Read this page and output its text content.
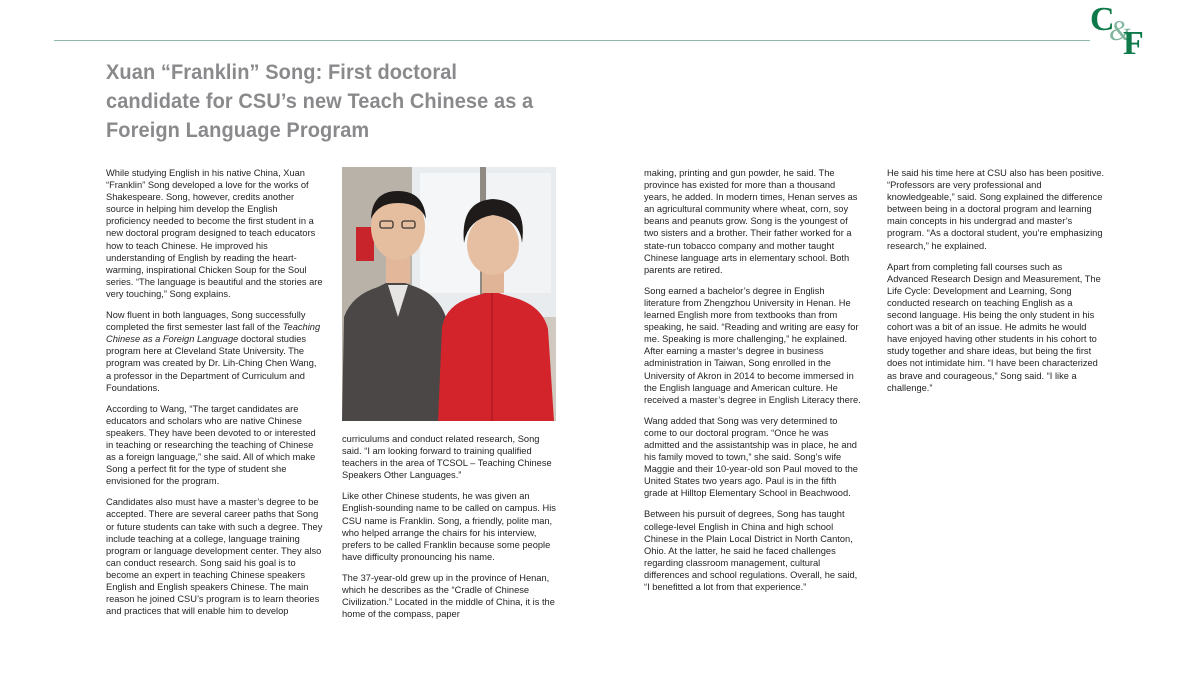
C
&
F
Xuan “Franklin” Song: First doctoral
candidate for CSU’s new Teach Chinese as a
Foreign Language Program

While studying English in his native China, Xuan “Franklin” Song developed a love for the works of Shakespeare. Song, however, credits another source in helping him develop the English proficiency needed to become the first student in a new doctoral program designed to teach educators how to teach Chinese. He improved his understanding of English by reading the heart-warming, inspirational Chicken Soup for the Soul series. “The language is beautiful and the stories are very touching,” Song explains.

Now fluent in both languages, Song successfully completed the first semester last fall of the Teaching Chinese as a Foreign Language doctoral studies program here at Cleveland State University. The program was created by Dr. Lih-Ching Chen Wang, a professor in the Department of Curriculum and Foundations.

According to Wang, “The target candidates are educators and scholars who are native Chinese speakers. They have been devoted to or interested in teaching or researching the teaching of Chinese as a foreign language,” she said. All of which make Song a perfect fit for the type of student she envisioned for the program.

Candidates also must have a master’s degree to be accepted. There are several career paths that Song or future students can take with such a degree. They include teaching at a college, language training program or language development center. They also can conduct research. Song said his goal is to become an expert in teaching Chinese speakers English and English speakers Chinese. The main reason he joined CSU’s program is to learn theories and practices that will enable him to develop

curriculums and conduct related research, Song said. “I am looking forward to training qualified teachers in the area of TCSOL – Teaching Chinese Speakers Other Languages.”

Like other Chinese students, he was given an English-sounding name to be called on campus. His CSU name is Franklin. Song, a friendly, polite man, who helped arrange the chairs for his interview, prefers to be called Franklin because some people have difficulty pronouncing his name.

The 37-year-old grew up in the province of Henan, which he describes as the “Cradle of Chinese Civilization.” Located in the middle of China, it is the home of the compass, paper

making, printing and gun powder, he said. The province has existed for more than a thousand years, he added. In modern times, Henan serves as an agricultural community where wheat, corn, soy beans and peanuts grow. Song is the youngest of two sisters and a brother. Their father worked for a state-run tobacco company and mother taught Chinese language arts in elementary school. Both parents are retired.

Song earned a bachelor’s degree in English literature from Zhengzhou University in Henan. He learned English more from textbooks than from speaking, he said. “Reading and writing are easy for me. Speaking is more challenging,” he explained. After earning a master’s degree in business administration in Taiwan, Song enrolled in the University of Akron in 2014 to become immersed in the English language and American culture. He received a master’s degree in English Literacy there.

Wang added that Song was very determined to come to our doctoral program. “Once he was admitted and the assistantship was in place, he and his family moved to town,” she said. Song’s wife Maggie and their 10-year-old son Paul moved to the United States two years ago. Paul is in the fifth grade at Hilltop Elementary School in Beachwood.

Between his pursuit of degrees, Song has taught college-level English in China and high school Chinese in the Plain Local District in North Canton, Ohio. At the latter, he said he faced challenges regarding classroom management, cultural differences and school regulations. Overall, he said, “I benefitted a lot from that experience.”

He said his time here at CSU also has been positive. “Professors are very professional and knowledgeable,” said. Song explained the difference between being in a doctoral program and learning main concepts in his undergrad and master’s program. “As a doctoral student, you’re emphasizing research,” he explained.

Apart from completing fall courses such as Advanced Research Design and Measurement, The Life Cycle: Development and Learning, Song conducted research on teaching English as a second language. His being the only student in his cohort was a bit of an issue. He admits he would have enjoyed having other students in his cohort to study together and share ideas, but being the first does not intimidate him. “I have been characterized as brave and courageous,” Song said. “I like a challenge.”
